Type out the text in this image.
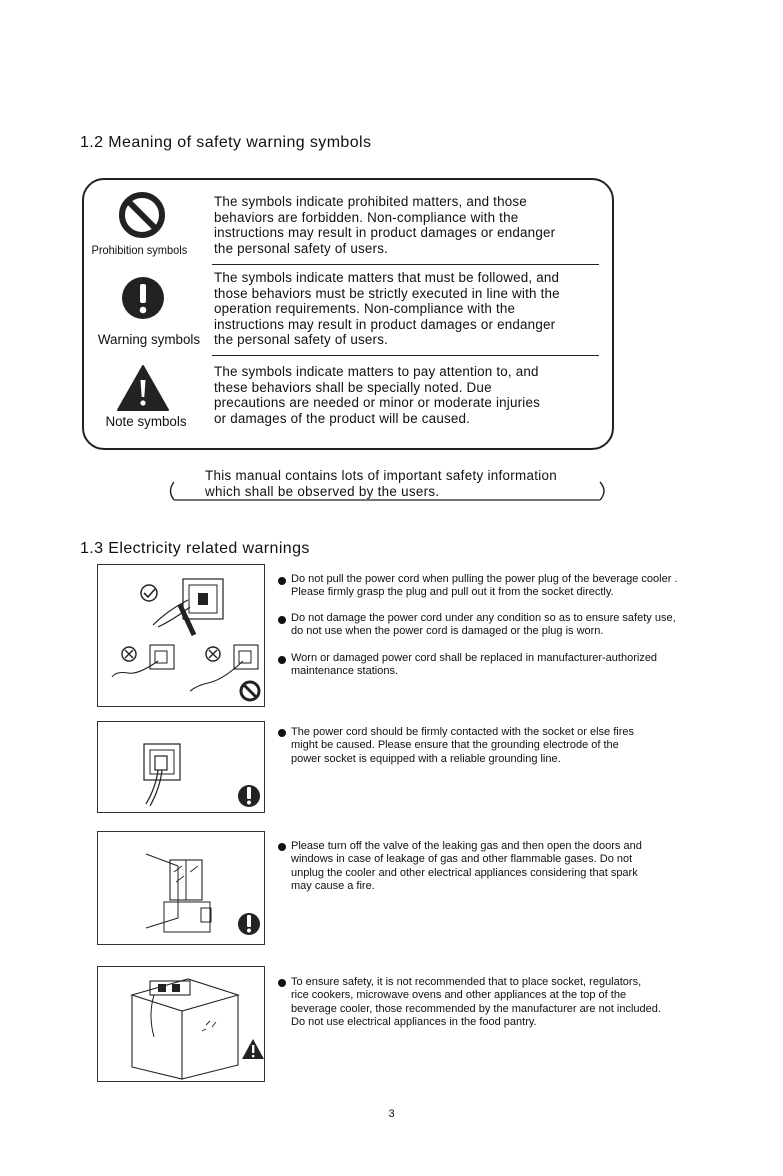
1.2 Meaning of safety warning symbols
Prohibition symbols
The symbols indicate prohibited matters, and those
behaviors are forbidden. Non-compliance with the
instructions may result in product damages or endanger
the personal safety of users.
Warning symbols
The symbols indicate matters that must be followed, and
those behaviors must be strictly executed in line with the
operation requirements. Non-compliance with the
instructions may result in product damages or endanger
the personal safety of users.
Note symbols
The symbols indicate matters to pay attention to, and
these behaviors shall be specially noted. Due
precautions are needed or minor or moderate injuries
or damages of the product will be caused.
This manual contains lots of important safety information
which shall be observed by the users.
1.3 Electricity related warnings
Do not pull the power cord when pulling the power plug of the beverage cooler .
Please firmly grasp the plug and pull out it from the socket directly.
Do not damage the power cord under any condition so as to ensure safety use,
do not use when the power cord is damaged or the plug is worn.
Worn or damaged power cord shall be replaced in manufacturer-authorized
maintenance stations.
The power cord should be firmly contacted with the socket or else fires
might be caused. Please ensure that the grounding electrode of the
power socket is equipped with a reliable grounding line.
Please turn off the valve of the leaking gas and then open the doors and
windows in case of leakage of gas and other flammable gases. Do not
unplug the cooler and other electrical appliances considering that spark
may cause a fire.
To ensure safety, it is not recommended that to place socket, regulators,
rice cookers, microwave ovens and other appliances at the top of the
beverage cooler, those recommended by the manufacturer are not included.
Do not use electrical appliances in the food pantry.
3
